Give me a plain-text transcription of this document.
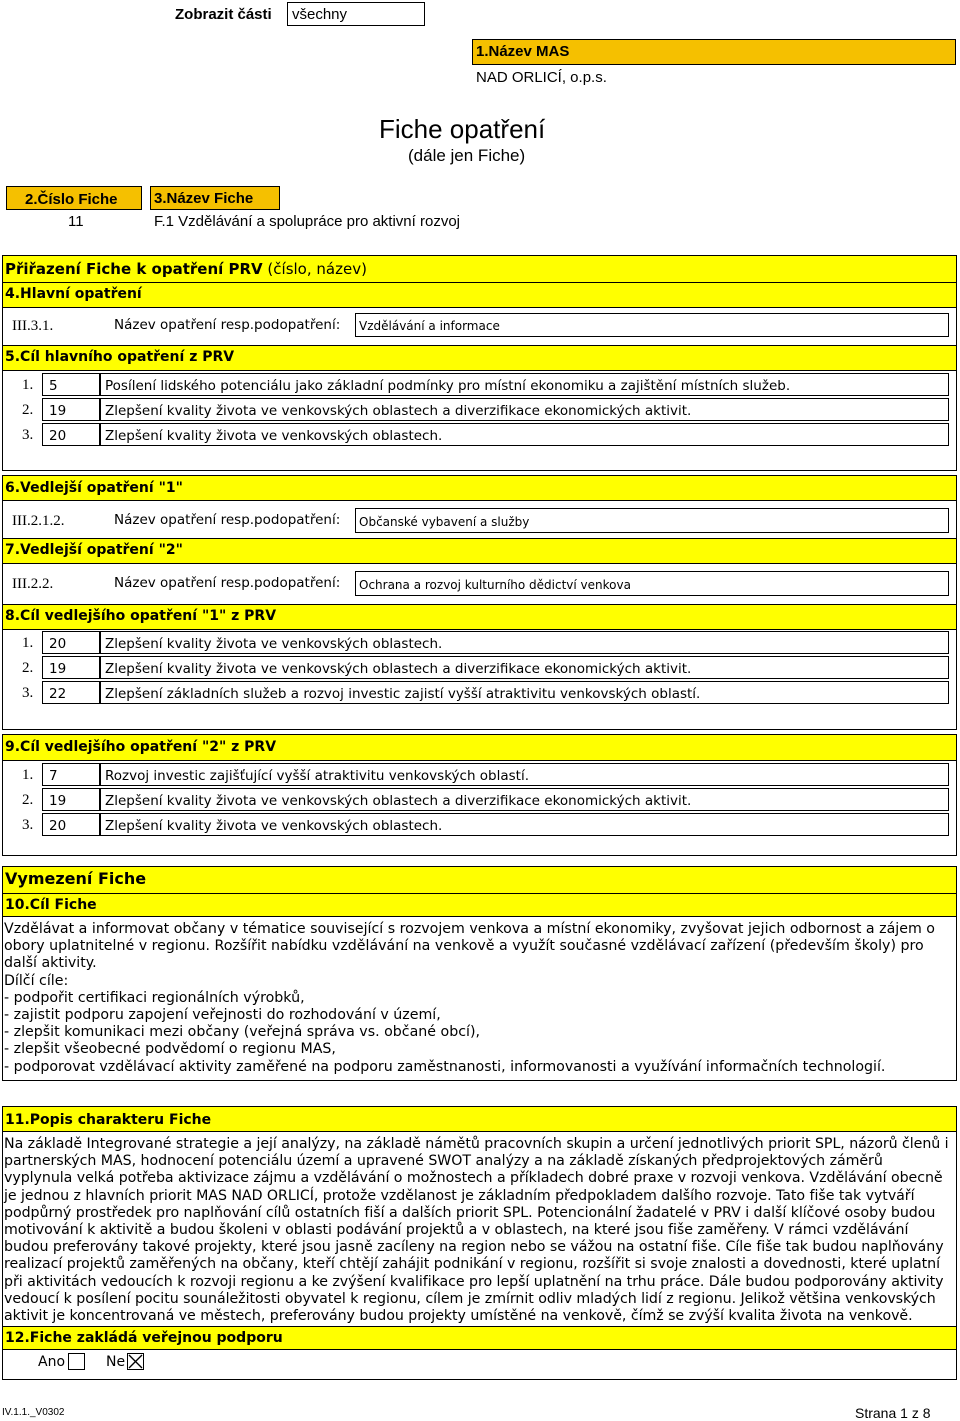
Zobrazit části	všechny
1.Název MAS
NAD ORLICÍ, o.p.s.
Fiche opatření
(dále jen Fiche)
2.Číslo Fiche 3.Název Fiche
11	F.1 Vzdělávání a spolupráce pro aktivní rozvoj
Přiřazení Fiche k opatření PRV (číslo, název)
4.Hlavní opatření
III.3.1.	Název opatření resp.podopatření:	Vzdělávání a informace
5.Cíl hlavního opatření z PRV
1.	5	Posílení lidského potenciálu jako základní podmínky pro místní ekonomiku a zajištění místních služeb.
2.	19	Zlepšení kvality života ve venkovských oblastech a diverzifikace ekonomických aktivit.
3.	20	Zlepšení kvality života ve venkovských oblastech.
6.Vedlejší opatření "1"
III.2.1.2.	Název opatření resp.podopatření:	Občanské vybavení a služby
7.Vedlejší opatření "2"
III.2.2.	Název opatření resp.podopatření:	Ochrana a rozvoj kulturního dědictví venkova
8.Cíl vedlejšího opatření "1" z PRV
1.	20	Zlepšení kvality života ve venkovských oblastech.
2.	19	Zlepšení kvality života ve venkovských oblastech a diverzifikace ekonomických aktivit.
3.	22	Zlepšení základních služeb a rozvoj investic zajistí vyšší atraktivitu venkovských oblastí.
9.Cíl vedlejšího opatření "2" z PRV
1.	7	Rozvoj investic zajišťující vyšší atraktivitu venkovských oblastí.
2.	19	Zlepšení kvality života ve venkovských oblastech a diverzifikace ekonomických aktivit.
3.	20	Zlepšení kvality života ve venkovských oblastech.
Vymezení Fiche
10.Cíl Fiche
Vzdělávat a informovat občany v tématice související s rozvojem venkova a místní ekonomiky, zvyšovat jejich odbornost a zájem o obory uplatnitelné v regionu. Rozšířit nabídku vzdělávání na venkově a využít současné vzdělávací zařízení (především školy) pro další aktivity.
Dílčí cíle:
- podpořit certifikaci regionálních výrobků,
- zajistit podporu zapojení veřejnosti do rozhodování v území,
- zlepšit komunikaci mezi občany (veřejná správa vs. občané obcí),
- zlepšit všeobecné podvědomí o regionu MAS,
- podporovat vzdělávací aktivity zaměřené na podporu zaměstnanosti, informovanosti a využívání informačních technologií.
11.Popis charakteru Fiche
Na základě Integrované strategie a její analýzy, na základě námětů pracovních skupin a určení jednotlivých priorit SPL, názorů členů i partnerských MAS, hodnocení potenciálu území a upravené SWOT analýzy a na základě získaných předprojektových záměrů vyplynula velká potřeba aktivizace zájmu a vzdělávání o možnostech a příkladech dobré praxe v rozvoji venkova. Vzdělávání obecně je jednou z hlavních priorit MAS NAD ORLICÍ, protože vzdělanost je základním předpokladem dalšího rozvoje. Tato fiše tak vytváří podpůrný prostředek pro naplňování cílů ostatních fiší a dalších priorit SPL. Potencionální žadatelé v PRV i další klíčové osoby budou motivování k aktivitě a budou školeni v oblasti podávání projektů a v oblastech, na které jsou fiše zaměřeny. V rámci vzdělávání budou preferovány takové projekty, které jsou jasně zacíleny na region nebo se vážou na ostatní fiše. Cíle fiše tak budou naplňovány realizací projektů zaměřených na občany, kteří chtějí zahájit podnikání v regionu, rozšířit si svoje znalosti a dovednosti, které uplatní při aktivitách vedoucích k rozvoji regionu a ke zvýšení kvalifikace pro lepší uplatnění na trhu práce. Dále budou podporovány aktivity vedoucí k posílení pocitu sounáležitosti obyvatel k regionu, cílem je zmírnit odliv mladých lidí z regionu. Jelikož většina venkovských aktivit je koncentrovaná ve městech, preferovány budou projekty umístěné na venkově, čímž se zvýší kvalita života na venkově.
12.Fiche zakládá veřejnou podporu
Ano	Ne
IV.1.1._V0302	Strana 1 z 8
